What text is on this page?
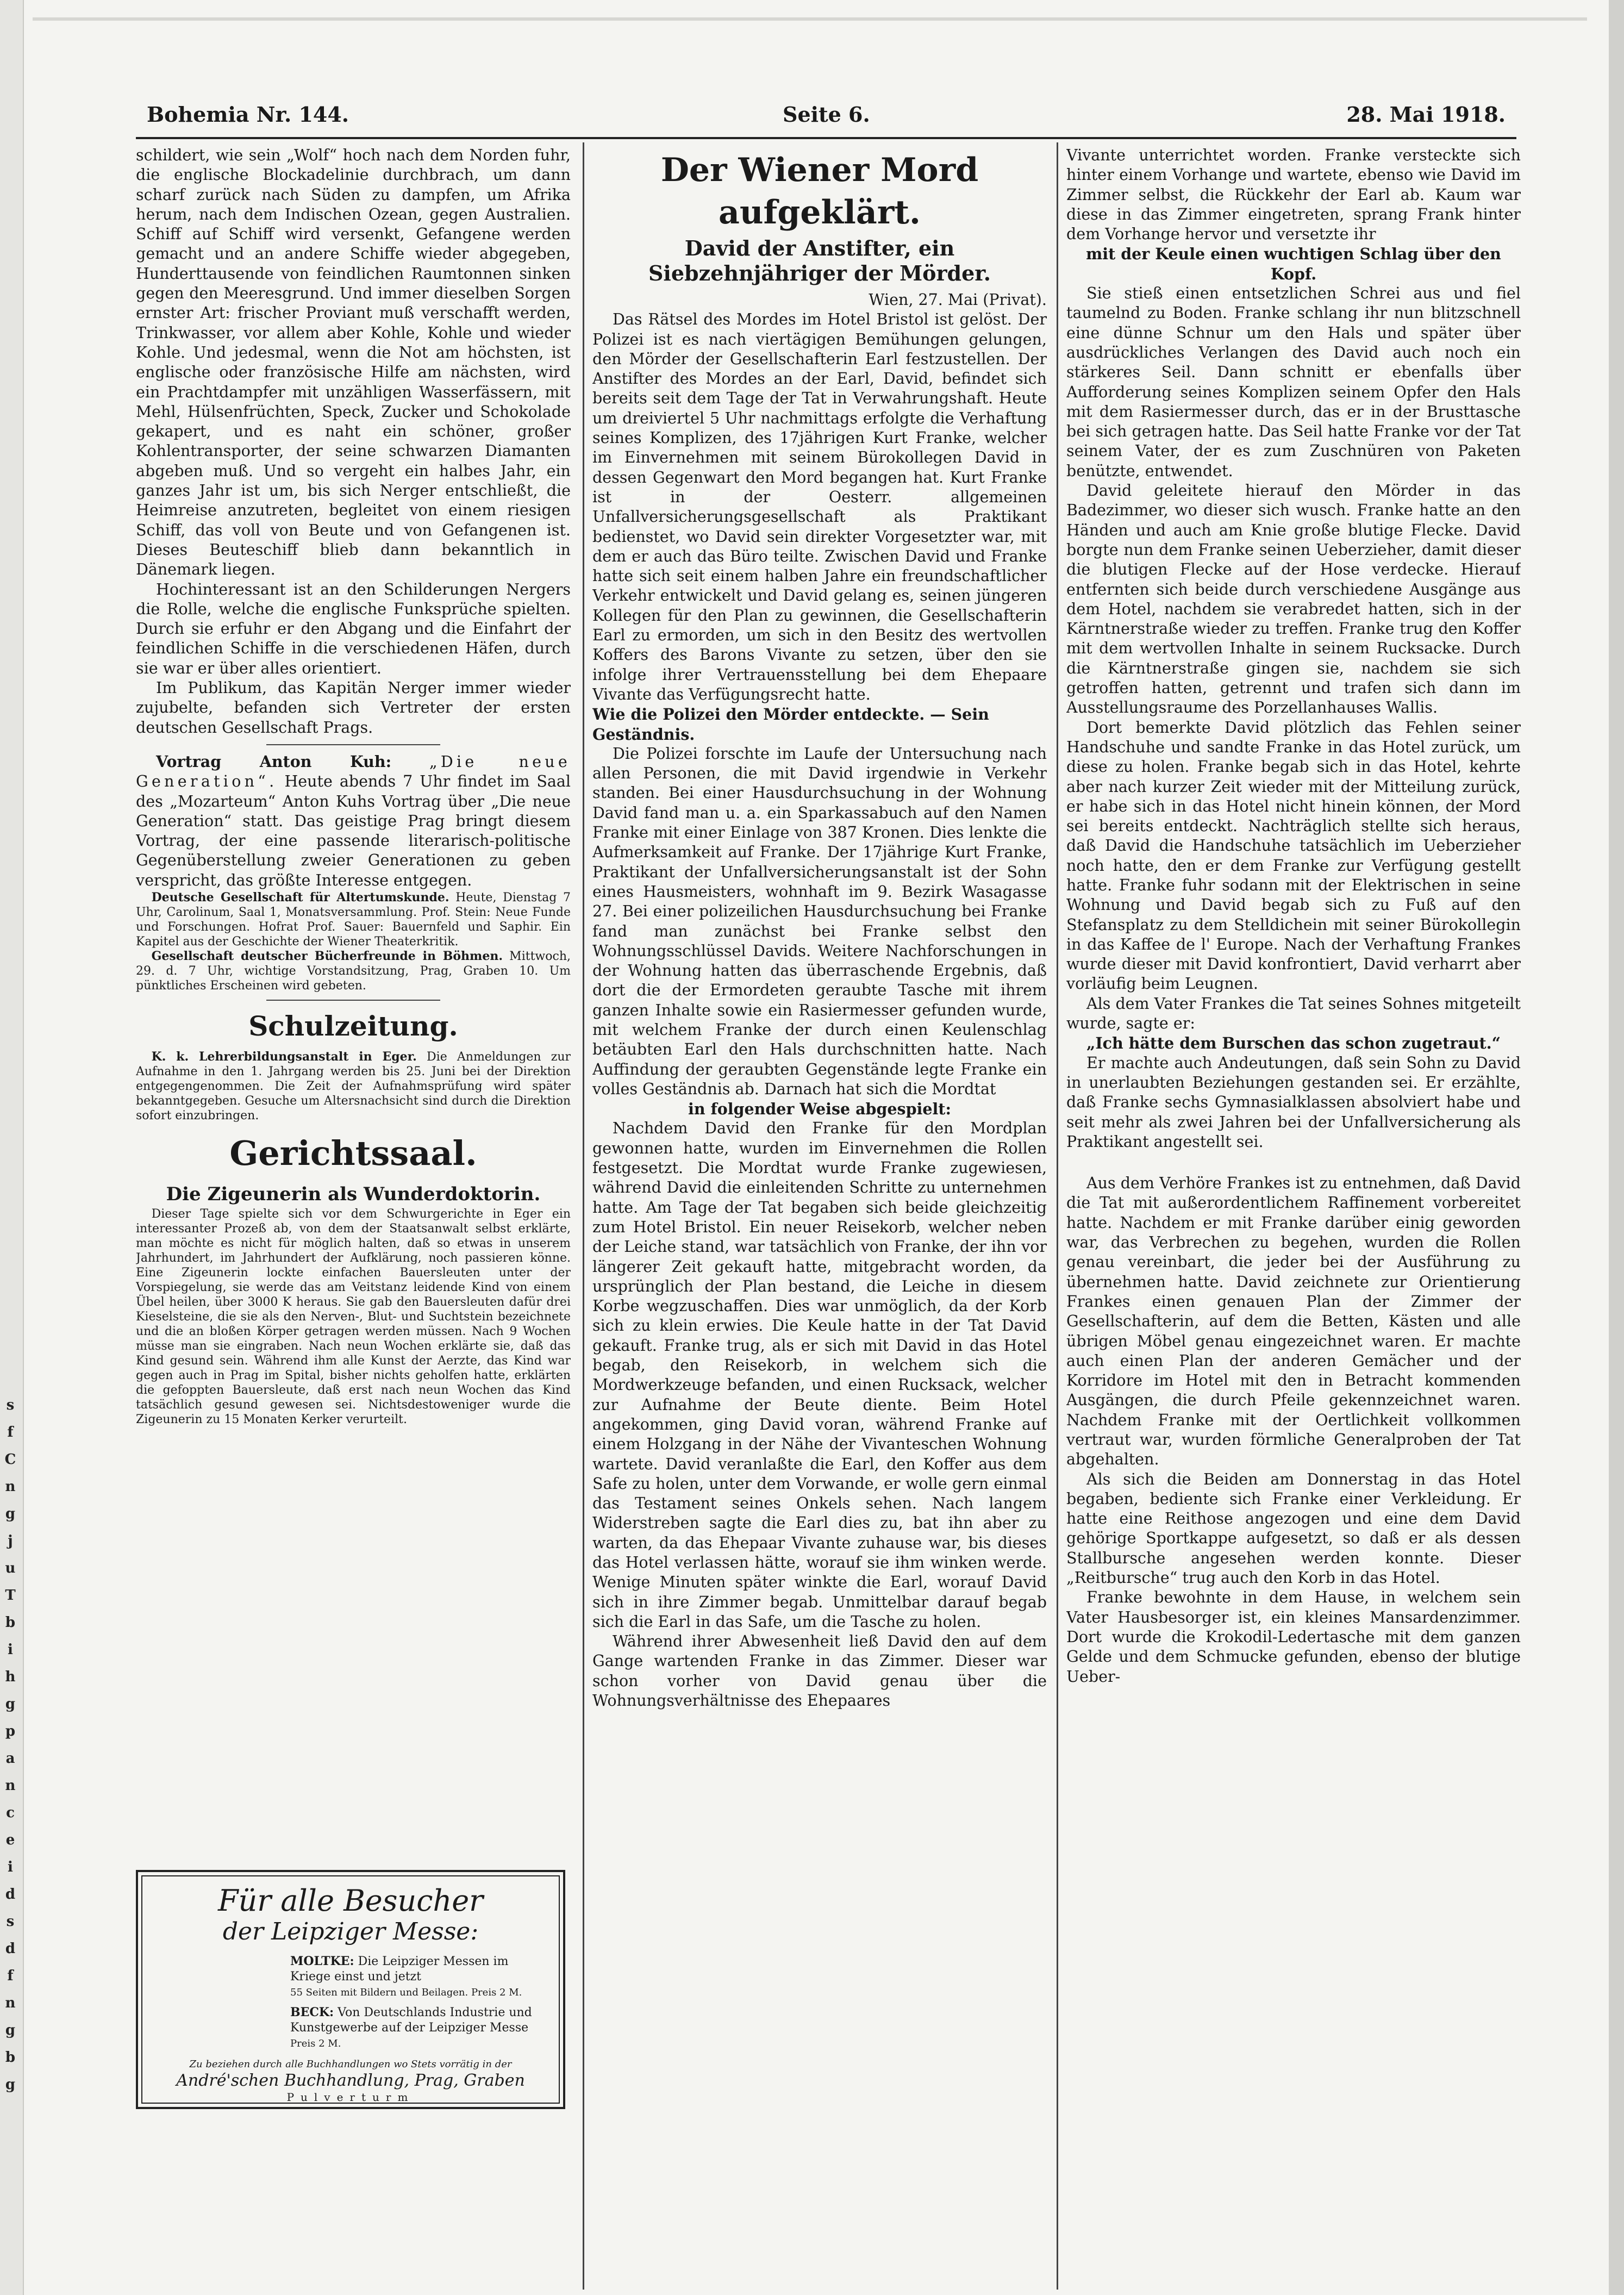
Bohemia Nr. 144.	Seite 6.	28. Mai 1918.

schildert, wie sein „Wolf“ hoch nach dem Norden fuhr, die englische Blockadelinie durchbrach, um dann scharf zurück nach Süden zu dampfen, um Afrika herum, nach dem Indischen Ozean, gegen Australien. Schiff auf Schiff wird versenkt, Gefangene werden gemacht und an andere Schiffe wieder abgegeben, Hunderttausende von feindlichen Raumtonnen sinken gegen den Meeresgrund. Und immer dieselben Sorgen ernster Art: frischer Proviant muß verschafft werden, Trinkwasser, vor allem aber Kohle, Kohle und wieder Kohle. Und jedesmal, wenn die Not am höchsten, ist englische oder französische Hilfe am nächsten, wird ein Prachtdampfer mit unzähligen Wasserfässern, mit Mehl, Hülsenfrüchten, Speck, Zucker und Schokolade gekapert, und es naht ein schöner, großer Kohlentransporter, der seine schwarzen Diamanten abgeben muß. Und so vergeht ein halbes Jahr, ein ganzes Jahr ist um, bis sich Nerger entschließt, die Heimreise anzutreten, begleitet von einem riesigen Schiff, das voll von Beute und von Gefangenen ist. Dieses Beuteschiff blieb dann bekanntlich in Dänemark liegen.

Hochinteressant ist an den Schilderungen Nergers die Rolle, welche die englische Funksprüche spielten. Durch sie erfuhr er den Abgang und die Einfahrt der feindlichen Schiffe in die verschiedenen Häfen, durch sie war er über alles orientiert.

Im Publikum, das Kapitän Nerger immer wieder zujubelte, befanden sich Vertreter der ersten deutschen Gesellschaft Prags.

Vortrag Anton Kuh: „Die neue Generation“. Heute abends 7 Uhr findet im Saal des „Mozarteum“ Anton Kuhs Vortrag über „Die neue Generation“ statt. Das geistige Prag bringt diesem Vortrag, der eine passende literarisch-politische Gegenüberstellung zweier Generationen zu geben verspricht, das größte Interesse entgegen.

Deutsche Gesellschaft für Altertumskunde. Heute, Dienstag 7 Uhr, Carolinum, Saal 1, Monatsversammlung. Prof. Stein: Neue Funde und Forschungen. Hofrat Prof. Sauer: Bauernfeld und Saphir. Ein Kapitel aus der Geschichte der Wiener Theaterkritik.

Gesellschaft deutscher Bücherfreunde in Böhmen. Mittwoch, 29. d. 7 Uhr, wichtige Vorstandsitzung, Prag, Graben 10. Um pünktliches Erscheinen wird gebeten.

Schulzeitung.

K. k. Lehrerbildungsanstalt in Eger. Die Anmeldungen zur Aufnahme in den 1. Jahrgang werden bis 25. Juni bei der Direktion entgegengenommen. Die Zeit der Aufnahmsprüfung wird später bekanntgegeben. Gesuche um Altersnachsicht sind durch die Direktion sofort einzubringen.

Gerichtssaal.
Die Zigeunerin als Wunderdoktorin.

Dieser Tage spielte sich vor dem Schwurgerichte in Eger ein interessanter Prozeß ab, von dem der Staatsanwalt selbst erklärte, man möchte es nicht für möglich halten, daß so etwas in unserem Jahrhundert, im Jahrhundert der Aufklärung, noch passieren könne. Eine Zigeunerin lockte einfachen Bauersleuten unter der Vorspiegelung, sie werde das am Veitstanz leidende Kind von einem Übel heilen, über 3000 K heraus. Sie gab den Bauersleuten dafür drei Kieselsteine, die sie als den Nerven-, Blut- und Suchtstein bezeichnete und die an bloßen Körper getragen werden müssen. Nach 9 Wochen müsse man sie eingraben. Nach neun Wochen erklärte sie, daß das Kind gesund sein. Während ihm alle Kunst der Aerzte, das Kind war gegen auch in Prag im Spital, bisher nichts geholfen hatte, erklärten die gefoppten Bauersleute, daß erst nach neun Wochen das Kind tatsächlich gesund gewesen sei. Nichtsdestoweniger wurde die Zigeunerin zu 15 Monaten Kerker verurteilt.

Für alle Besucher
der Leipziger Messe:
MOLTKE: Die Leipziger Messen im Kriege einst und jetzt
55 Seiten mit Bildern und Beilagen. Preis 2 M.
BECK: Von Deutschlands Industrie und Kunstgewerbe auf der Leipziger Messe
Preis 2 M.
Zu beziehen durch alle Buchhandlungen wo Stets vorrätig in der
André'schen Buchhandlung, Prag, Graben
Pulverturm
Der Wiener Mord aufgeklärt.
David der Anstifter, ein Siebzehnjähriger der Mörder.

Wien, 27. Mai (Privat).

Das Rätsel des Mordes im Hotel Bristol ist gelöst. Der Polizei ist es nach viertägigen Bemühungen gelungen, den Mörder der Gesellschafterin Earl festzustellen. Der Anstifter des Mordes an der Earl, David, befindet sich bereits seit dem Tage der Tat in Verwahrungshaft. Heute um dreiviertel 5 Uhr nachmittags erfolgte die Verhaftung seines Komplizen, des 17jährigen Kurt Franke, welcher im Einvernehmen mit seinem Bürokollegen David in dessen Gegenwart den Mord begangen hat. Kurt Franke ist in der Oesterr. allgemeinen Unfallversicherungsgesellschaft als Praktikant bedienstet, wo David sein direkter Vorgesetzter war, mit dem er auch das Büro teilte. Zwischen David und Franke hatte sich seit einem halben Jahre ein freundschaftlicher Verkehr entwickelt und David gelang es, seinen jüngeren Kollegen für den Plan zu gewinnen, die Gesellschafterin Earl zu ermorden, um sich in den Besitz des wertvollen Koffers des Barons Vivante zu setzen, über den sie infolge ihrer Vertrauensstellung bei dem Ehepaare Vivante das Verfügungsrecht hatte.

Wie die Polizei den Mörder entdeckte. — Sein Geständnis.

Die Polizei forschte im Laufe der Untersuchung nach allen Personen, die mit David irgendwie in Verkehr standen. Bei einer Hausdurchsuchung in der Wohnung David fand man u. a. ein Sparkassabuch auf den Namen Franke mit einer Einlage von 387 Kronen. Dies lenkte die Aufmerksamkeit auf Franke. Der 17jährige Kurt Franke, Praktikant der Unfallversicherungsanstalt ist der Sohn eines Hausmeisters, wohnhaft im 9. Bezirk Wasagasse 27. Bei einer polizeilichen Hausdurchsuchung bei Franke fand man zunächst bei Franke selbst den Wohnungsschlüssel Davids. Weitere Nachforschungen in der Wohnung hatten das überraschende Ergebnis, daß dort die der Ermordeten geraubte Tasche mit ihrem ganzen Inhalte sowie ein Rasiermesser gefunden wurde, mit welchem Franke der durch einen Keulenschlag betäubten Earl den Hals durchschnitten hatte. Nach Auffindung der geraubten Gegenstände legte Franke ein volles Geständnis ab. Darnach hat sich die Mordtat

in folgender Weise abgespielt:

Nachdem David den Franke für den Mordplan gewonnen hatte, wurden im Einvernehmen die Rollen festgesetzt. Die Mordtat wurde Franke zugewiesen, während David die einleitenden Schritte zu unternehmen hatte. Am Tage der Tat begaben sich beide gleichzeitig zum Hotel Bristol. Ein neuer Reisekorb, welcher neben der Leiche stand, war tatsächlich von Franke, der ihn vor längerer Zeit gekauft hatte, mitgebracht worden, da ursprünglich der Plan bestand, die Leiche in diesem Korbe wegzuschaffen. Dies war unmöglich, da der Korb sich zu klein erwies. Die Keule hatte in der Tat David gekauft. Franke trug, als er sich mit David in das Hotel begab, den Reisekorb, in welchem sich die Mordwerkzeuge befanden, und einen Rucksack, welcher zur Aufnahme der Beute diente. Beim Hotel angekommen, ging David voran, während Franke auf einem Holzgang in der Nähe der Vivanteschen Wohnung wartete. David veranlaßte die Earl, den Koffer aus dem Safe zu holen, unter dem Vorwande, er wolle gern einmal das Testament seines Onkels sehen. Nach langem Widerstreben sagte die Earl dies zu, bat ihn aber zu warten, da das Ehepaar Vivante zuhause war, bis dieses das Hotel verlassen hätte, worauf sie ihm winken werde. Wenige Minuten später winkte die Earl, worauf David sich in ihre Zimmer begab. Unmittelbar darauf begab sich die Earl in das Safe, um die Tasche zu holen.

Während ihrer Abwesenheit ließ David den auf dem Gange wartenden Franke in das Zimmer. Dieser war schon vorher von David genau über die Wohnungsverhältnisse des Ehepaares

Vivante unterrichtet worden. Franke versteckte sich hinter einem Vorhange und wartete, ebenso wie David im Zimmer selbst, die Rückkehr der Earl ab. Kaum war diese in das Zimmer eingetreten, sprang Frank hinter dem Vorhange hervor und versetzte ihr

mit der Keule einen wuchtigen Schlag über den Kopf.

Sie stieß einen entsetzlichen Schrei aus und fiel taumelnd zu Boden. Franke schlang ihr nun blitzschnell eine dünne Schnur um den Hals und später über ausdrückliches Verlangen des David auch noch ein stärkeres Seil. Dann schnitt er ebenfalls über Aufforderung seines Komplizen seinem Opfer den Hals mit dem Rasiermesser durch, das er in der Brusttasche bei sich getragen hatte. Das Seil hatte Franke vor der Tat seinem Vater, der es zum Zuschnüren von Paketen benützte, entwendet.

David geleitete hierauf den Mörder in das Badezimmer, wo dieser sich wusch. Franke hatte an den Händen und auch am Knie große blutige Flecke. David borgte nun dem Franke seinen Ueberzieher, damit dieser die blutigen Flecke auf der Hose verdecke. Hierauf entfernten sich beide durch verschiedene Ausgänge aus dem Hotel, nachdem sie verabredet hatten, sich in der Kärntnerstraße wieder zu treffen. Franke trug den Koffer mit dem wertvollen Inhalte in seinem Rucksacke. Durch die Kärntnerstraße gingen sie, nachdem sie sich getroffen hatten, getrennt und trafen sich dann im Ausstellungsraume des Porzellanhauses Wallis.

Dort bemerkte David plötzlich das Fehlen seiner Handschuhe und sandte Franke in das Hotel zurück, um diese zu holen. Franke begab sich in das Hotel, kehrte aber nach kurzer Zeit wieder mit der Mitteilung zurück, er habe sich in das Hotel nicht hinein können, der Mord sei bereits entdeckt. Nachträglich stellte sich heraus, daß David die Handschuhe tatsächlich im Ueberzieher noch hatte, den er dem Franke zur Verfügung gestellt hatte. Franke fuhr sodann mit der Elektrischen in seine Wohnung und David begab sich zu Fuß auf den Stefansplatz zu dem Stelldichein mit seiner Bürokollegin in das Kaffee de l' Europe. Nach der Verhaftung Frankes wurde dieser mit David konfrontiert, David verharrt aber vorläufig beim Leugnen.

Als dem Vater Frankes die Tat seines Sohnes mitgeteilt wurde, sagte er:

„Ich hätte dem Burschen das schon zugetraut.“

Er machte auch Andeutungen, daß sein Sohn zu David in unerlaubten Beziehungen gestanden sei. Er erzählte, daß Franke sechs Gymnasialklassen absolviert habe und seit mehr als zwei Jahren bei der Unfallversicherung als Praktikant angestellt sei.

Aus dem Verhöre Frankes ist zu entnehmen, daß David die Tat mit außerordentlichem Raffinement vorbereitet hatte. Nachdem er mit Franke darüber einig geworden war, das Verbrechen zu begehen, wurden die Rollen genau vereinbart, die jeder bei der Ausführung zu übernehmen hatte. David zeichnete zur Orientierung Frankes einen genauen Plan der Zimmer der Gesellschafterin, auf dem die Betten, Kästen und alle übrigen Möbel genau eingezeichnet waren. Er machte auch einen Plan der anderen Gemächer und der Korridore im Hotel mit den in Betracht kommenden Ausgängen, die durch Pfeile gekennzeichnet waren. Nachdem Franke mit der Oertlichkeit vollkommen vertraut war, wurden förmliche Generalproben der Tat abgehalten.

Als sich die Beiden am Donnerstag in das Hotel begaben, bediente sich Franke einer Verkleidung. Er hatte eine Reithose angezogen und eine dem David gehörige Sportkappe aufgesetzt, so daß er als dessen Stallbursche angesehen werden konnte. Dieser „Reitbursche“ trug auch den Korb in das Hotel.

Franke bewohnte in dem Hause, in welchem sein Vater Hausbesorger ist, ein kleines Mansardenzimmer. Dort wurde die Krokodil-Ledertasche mit dem ganzen Gelde und dem Schmucke gefunden, ebenso der blutige Ueber-

s
f
C
n
g
j
u
T
b
i
h
g
p
a
n
c
e
i
d
s
d
f
n
g
b
g
